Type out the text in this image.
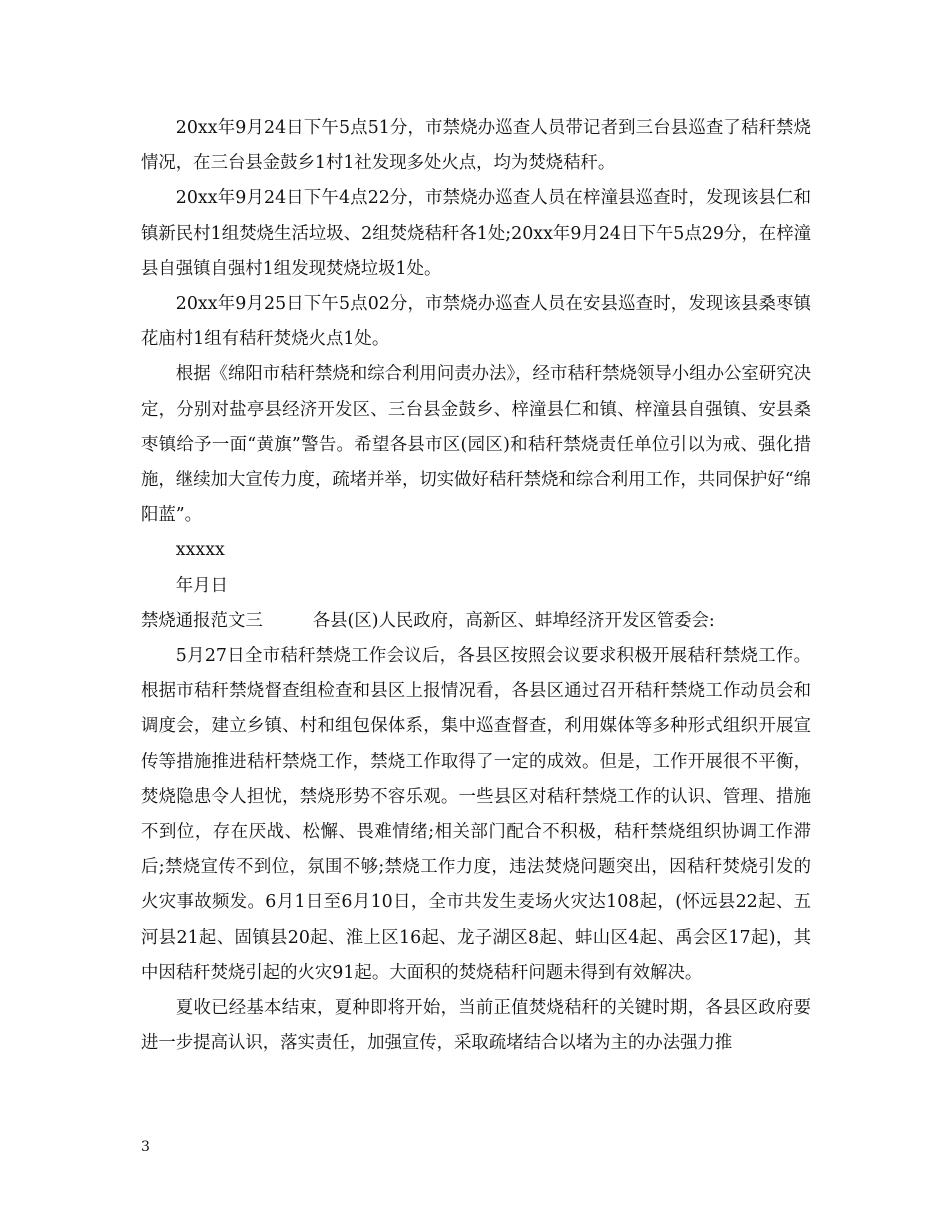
20xx年9月24日下午5点51分，市禁烧办巡查人员带记者到三台县巡查了秸秆禁烧情况，在三台县金鼓乡1村1社发现多处火点，均为焚烧秸秆。

20xx年9月24日下午4点22分，市禁烧办巡查人员在梓潼县巡查时，发现该县仁和镇新民村1组焚烧生活垃圾、2组焚烧秸秆各1处;20xx年9月24日下午5点29分，在梓潼县自强镇自强村1组发现焚烧垃圾1处。

20xx年9月25日下午5点02分，市禁烧办巡查人员在安县巡查时，发现该县桑枣镇花庙村1组有秸秆焚烧火点1处。

根据《绵阳市秸秆禁烧和综合利用问责办法》，经市秸秆禁烧领导小组办公室研究决定，分别对盐亭县经济开发区、三台县金鼓乡、梓潼县仁和镇、梓潼县自强镇、安县桑枣镇给予一面“黄旗”警告。希望各县市区(园区)和秸秆禁烧责任单位引以为戒、强化措施，继续加大宣传力度，疏堵并举，切实做好秸秆禁烧和综合利用工作，共同保护好“绵阳蓝”。

xxxxx

年月日

禁烧通报范文三	各县(区)人民政府，高新区、蚌埠经济开发区管委会:

5月27日全市秸秆禁烧工作会议后，各县区按照会议要求积极开展秸秆禁烧工作。根据市秸秆禁烧督查组检查和县区上报情况看，各县区通过召开秸秆禁烧工作动员会和调度会，建立乡镇、村和组包保体系，集中巡查督查，利用媒体等多种形式组织开展宣传等措施推进秸杆禁烧工作，禁烧工作取得了一定的成效。但是，工作开展很不平衡，焚烧隐患令人担忧，禁烧形势不容乐观。一些县区对秸秆禁烧工作的认识、管理、措施不到位，存在厌战、松懈、畏难情绪;相关部门配合不积极，秸秆禁烧组织协调工作滞后;禁烧宣传不到位，氛围不够;禁烧工作力度，违法焚烧问题突出，因秸秆焚烧引发的火灾事故频发。6月1日至6月10日，全市共发生麦场火灾达108起，(怀远县22起、五河县21起、固镇县20起、淮上区16起、龙子湖区8起、蚌山区4起、禹会区17起)，其中因秸秆焚烧引起的火灾91起。大面积的焚烧秸秆问题未得到有效解决。

夏收已经基本结束，夏种即将开始，当前正值焚烧秸秆的关键时期，各县区政府要进一步提高认识，落实责任，加强宣传，采取疏堵结合以堵为主的办法强力推

3
